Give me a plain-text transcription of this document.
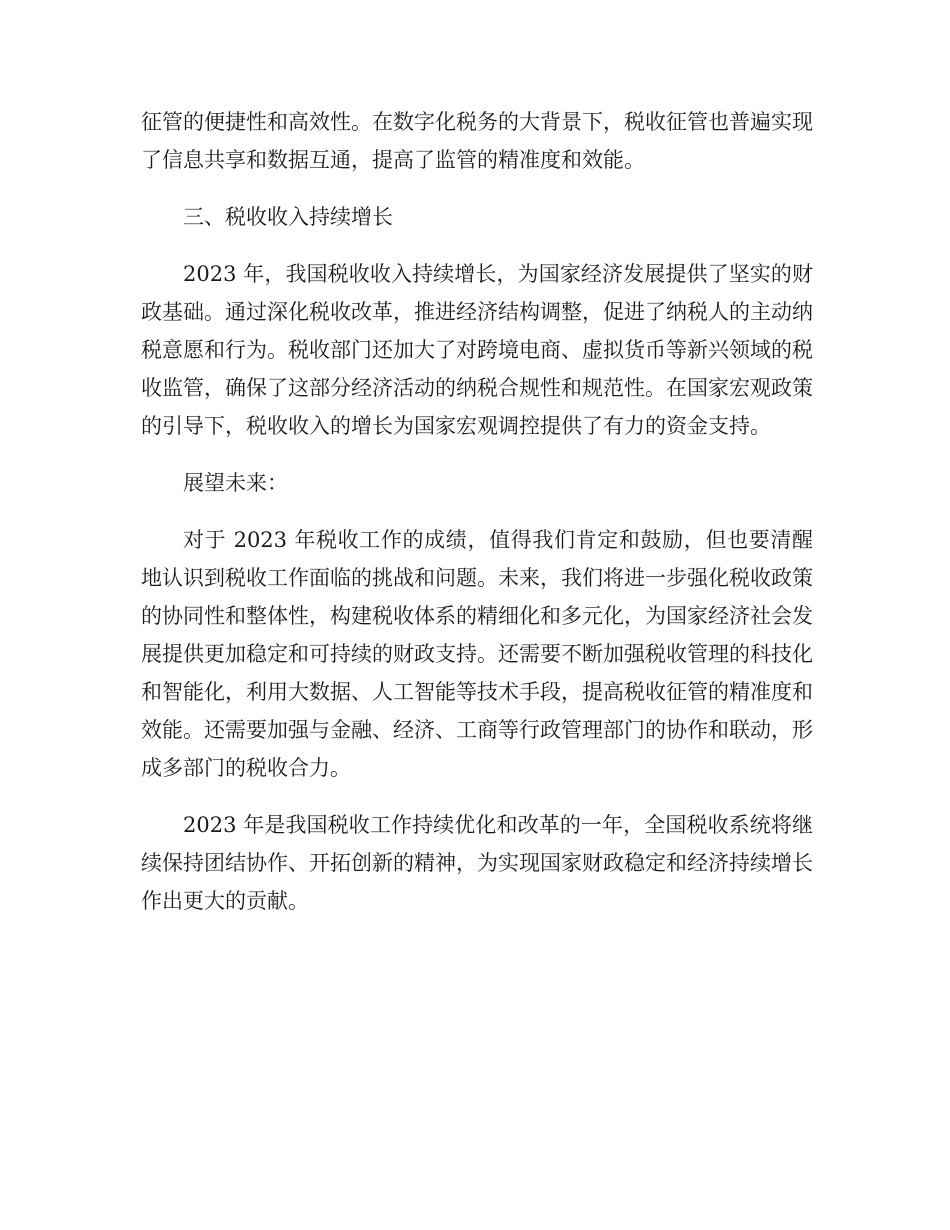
征管的便捷性和高效性。在数字化税务的大背景下，税收征管也普遍实现了信息共享和数据互通，提高了监管的精准度和效能。

三、税收收入持续增长

2023 年，我国税收收入持续增长，为国家经济发展提供了坚实的财政基础。通过深化税收改革，推进经济结构调整，促进了纳税人的主动纳税意愿和行为。税收部门还加大了对跨境电商、虚拟货币等新兴领域的税收监管，确保了这部分经济活动的纳税合规性和规范性。在国家宏观政策的引导下，税收收入的增长为国家宏观调控提供了有力的资金支持。

展望未来：

对于 2023 年税收工作的成绩，值得我们肯定和鼓励，但也要清醒地认识到税收工作面临的挑战和问题。未来，我们将进一步强化税收政策的协同性和整体性，构建税收体系的精细化和多元化，为国家经济社会发展提供更加稳定和可持续的财政支持。还需要不断加强税收管理的科技化和智能化，利用大数据、人工智能等技术手段，提高税收征管的精准度和效能。还需要加强与金融、经济、工商等行政管理部门的协作和联动，形成多部门的税收合力。

2023 年是我国税收工作持续优化和改革的一年，全国税收系统将继续保持团结协作、开拓创新的精神，为实现国家财政稳定和经济持续增长作出更大的贡献。
